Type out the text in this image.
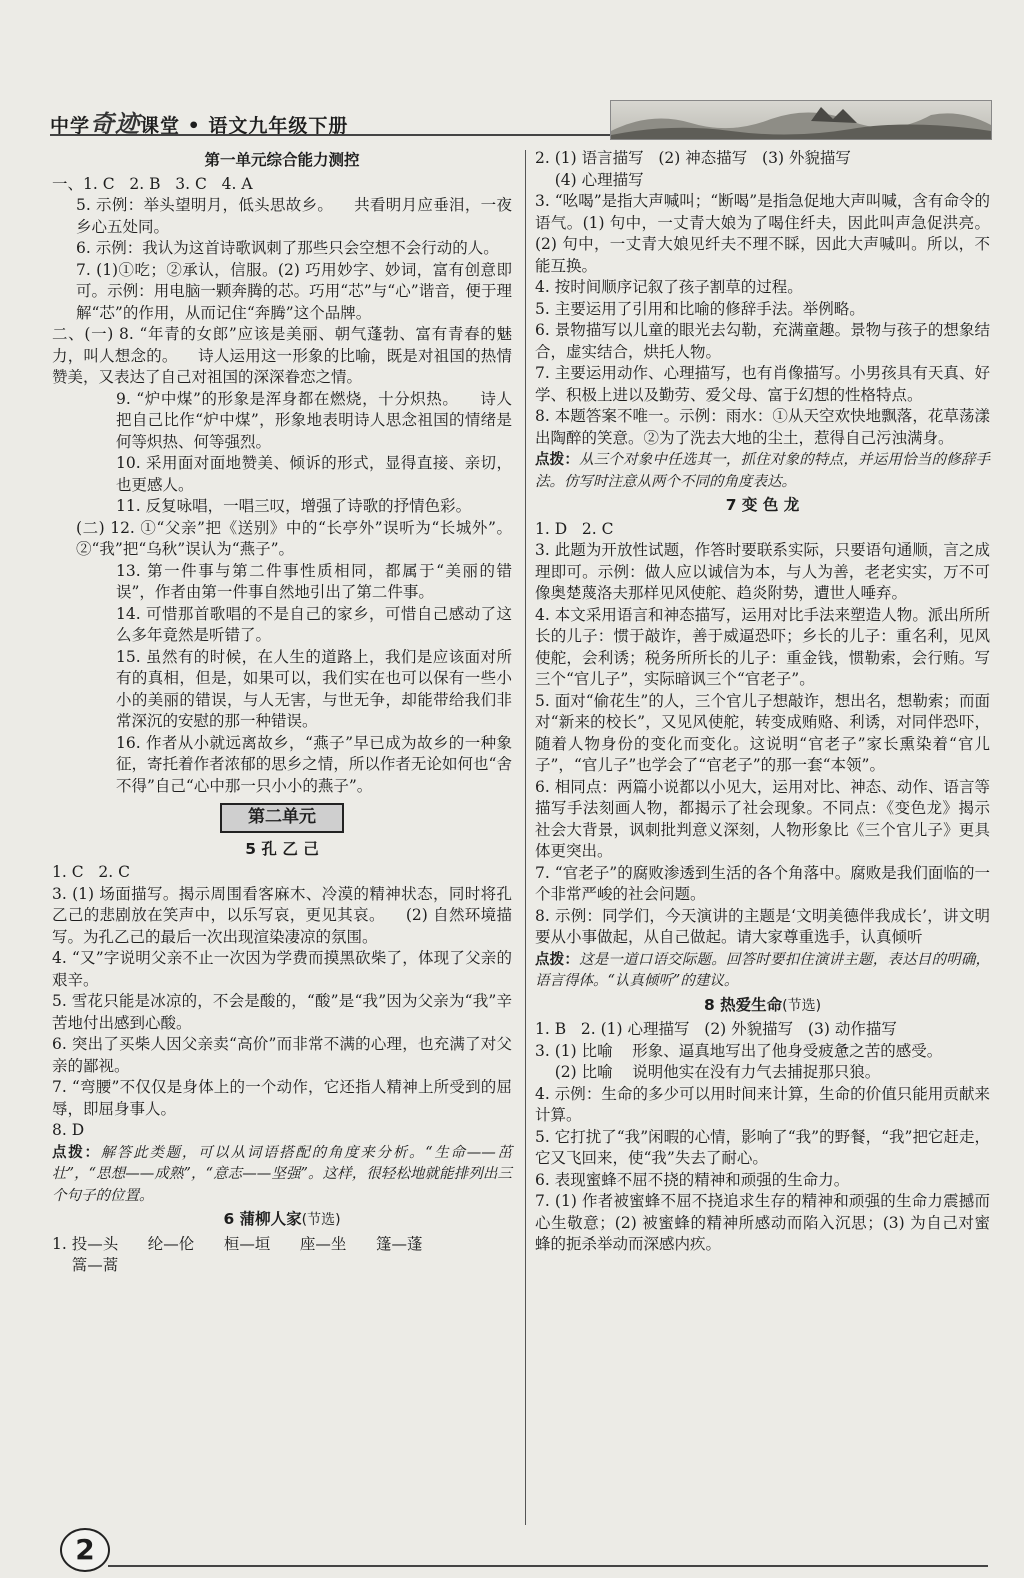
中学奇迹课堂 • 语文九年级下册
第一单元综合能力测控

一、1. C   2. B   3. C   4. A

5. 示例：举头望明月，低头思故乡。    共看明月应垂泪，一夜乡心五处同。

6. 示例：我认为这首诗歌讽刺了那些只会空想不会行动的人。

7. (1)①吃；②承认，信服。(2) 巧用妙字、妙词，富有创意即可。示例：用电脑一颗奔腾的芯。巧用“芯”与“心”谐音，便于理解“芯”的作用，从而记住“奔腾”这个品牌。

二、(一) 8. “年青的女郎”应该是美丽、朝气蓬勃、富有青春的魅力，叫人想念的。    诗人运用这一形象的比喻，既是对祖国的热情赞美，又表达了自己对祖国的深深眷恋之情。

9. “炉中煤”的形象是浑身都在燃烧，十分炽热。    诗人把自己比作“炉中煤”，形象地表明诗人思念祖国的情绪是何等炽热、何等强烈。

10. 采用面对面地赞美、倾诉的形式，显得直接、亲切，也更感人。

11. 反复咏唱，一唱三叹，增强了诗歌的抒情色彩。

(二) 12. ①“父亲”把《送别》中的“长亭外”误听为“长城外”。②“我”把“乌秋”误认为“燕子”。

13. 第一件事与第二件事性质相同，都属于“美丽的错误”，作者由第一件事自然地引出了第二件事。

14. 可惜那首歌唱的不是自己的家乡，可惜自己感动了这么多年竟然是听错了。

15. 虽然有的时候，在人生的道路上，我们是应该面对所有的真相，但是，如果可以，我们实在也可以保有一些小小的美丽的错误，与人无害，与世无争，却能带给我们非常深沉的安慰的那一种错误。

16. 作者从小就远离故乡，“燕子”早已成为故乡的一种象征，寄托着作者浓郁的思乡之情，所以作者无论如何也“舍不得”自己“心中那一只小小的燕子”。

第二单元
5 孔 乙 己

1. C   2. C

3. (1) 场面描写。揭示周围看客麻木、冷漠的精神状态，同时将孔乙己的悲剧放在笑声中，以乐写哀，更见其哀。    (2) 自然环境描写。为孔乙己的最后一次出现渲染凄凉的氛围。

4. “又”字说明父亲不止一次因为学费而摸黑砍柴了，体现了父亲的艰辛。

5. 雪花只能是冰凉的，不会是酸的，“酸”是“我”因为父亲为“我”辛苦地付出感到心酸。

6. 突出了买柴人因父亲卖“高价”而非常不满的心理，也充满了对父亲的鄙视。

7. “弯腰”不仅仅是身体上的一个动作，它还指人精神上所受到的屈辱，即屈身事人。

8. D

点拨：解答此类题，可以从词语搭配的角度来分析。“生命——茁壮”，“思想——成熟”，“意志——坚强”。这样，很轻松地就能排列出三个句子的位置。

6 蒲柳人家(节选)

1. 投—头      纶—伦      桓—垣      座—坐      篷—蓬
篙—蒿

2. (1) 语言描写   (2) 神态描写   (3) 外貌描写
(4) 心理描写

3. “吆喝”是指大声喊叫；“断喝”是指急促地大声叫喊，含有命令的语气。(1) 句中，一丈青大娘为了喝住纤夫，因此叫声急促洪亮。(2) 句中，一丈青大娘见纤夫不理不睬，因此大声喊叫。所以，不能互换。

4. 按时间顺序记叙了孩子割草的过程。

5. 主要运用了引用和比喻的修辞手法。举例略。

6. 景物描写以儿童的眼光去勾勒，充满童趣。景物与孩子的想象结合，虚实结合，烘托人物。

7. 主要运用动作、心理描写，也有肖像描写。小男孩具有天真、好学、积极上进以及勤劳、爱父母、富于幻想的性格特点。

8. 本题答案不唯一。示例：雨水：①从天空欢快地飘落，花草荡漾出陶醉的笑意。②为了洗去大地的尘土，惹得自己污浊满身。

点拨：从三个对象中任选其一，抓住对象的特点，并运用恰当的修辞手法。仿写时注意从两个不同的角度表达。

7 变 色 龙

1. D   2. C

3. 此题为开放性试题，作答时要联系实际，只要语句通顺，言之成理即可。示例：做人应以诚信为本，与人为善，老老实实，万不可像奥楚蔑洛夫那样见风使舵、趋炎附势，遭世人唾弃。

4. 本文采用语言和神态描写，运用对比手法来塑造人物。派出所所长的儿子：惯于敲诈，善于威逼恐吓；乡长的儿子：重名利，见风使舵，会利诱；税务所所长的儿子：重金钱，惯勒索，会行贿。写三个“官儿子”，实际暗讽三个“官老子”。

5. 面对“偷花生”的人，三个官儿子想敲诈，想出名，想勒索；而面对“新来的校长”，又见风使舵，转变成贿赂、利诱，对同伴恐吓，随着人物身份的变化而变化。这说明“官老子”家长熏染着“官儿子”，“官儿子”也学会了“官老子”的那一套“本领”。

6. 相同点：两篇小说都以小见大，运用对比、神态、动作、语言等描写手法刻画人物，都揭示了社会现象。不同点：《变色龙》揭示社会大背景，讽刺批判意义深刻，人物形象比《三个官儿子》更具体更突出。

7. “官老子”的腐败渗透到生活的各个角落中。腐败是我们面临的一个非常严峻的社会问题。

8. 示例：同学们，今天演讲的主题是‘文明美德伴我成长’，讲文明要从小事做起，从自己做起。请大家尊重选手，认真倾听

点拨：这是一道口语交际题。回答时要扣住演讲主题，表达目的明确，语言得体。“认真倾听”的建议。

8 热爱生命(节选)

1. B   2. (1) 心理描写   (2) 外貌描写   (3) 动作描写

3. (1) 比喻    形象、逼真地写出了他身受疲惫之苦的感受。
(2) 比喻    说明他实在没有力气去捕捉那只狼。

4. 示例：生命的多少可以用时间来计算，生命的价值只能用贡献来计算。

5. 它打扰了“我”闲暇的心情，影响了“我”的野餐，“我”把它赶走，它又飞回来，使“我”失去了耐心。

6. 表现蜜蜂不屈不挠的精神和顽强的生命力。

7. (1) 作者被蜜蜂不屈不挠追求生存的精神和顽强的生命力震撼而心生敬意；(2) 被蜜蜂的精神所感动而陷入沉思；(3) 为自己对蜜蜂的扼杀举动而深感内疚。

2
